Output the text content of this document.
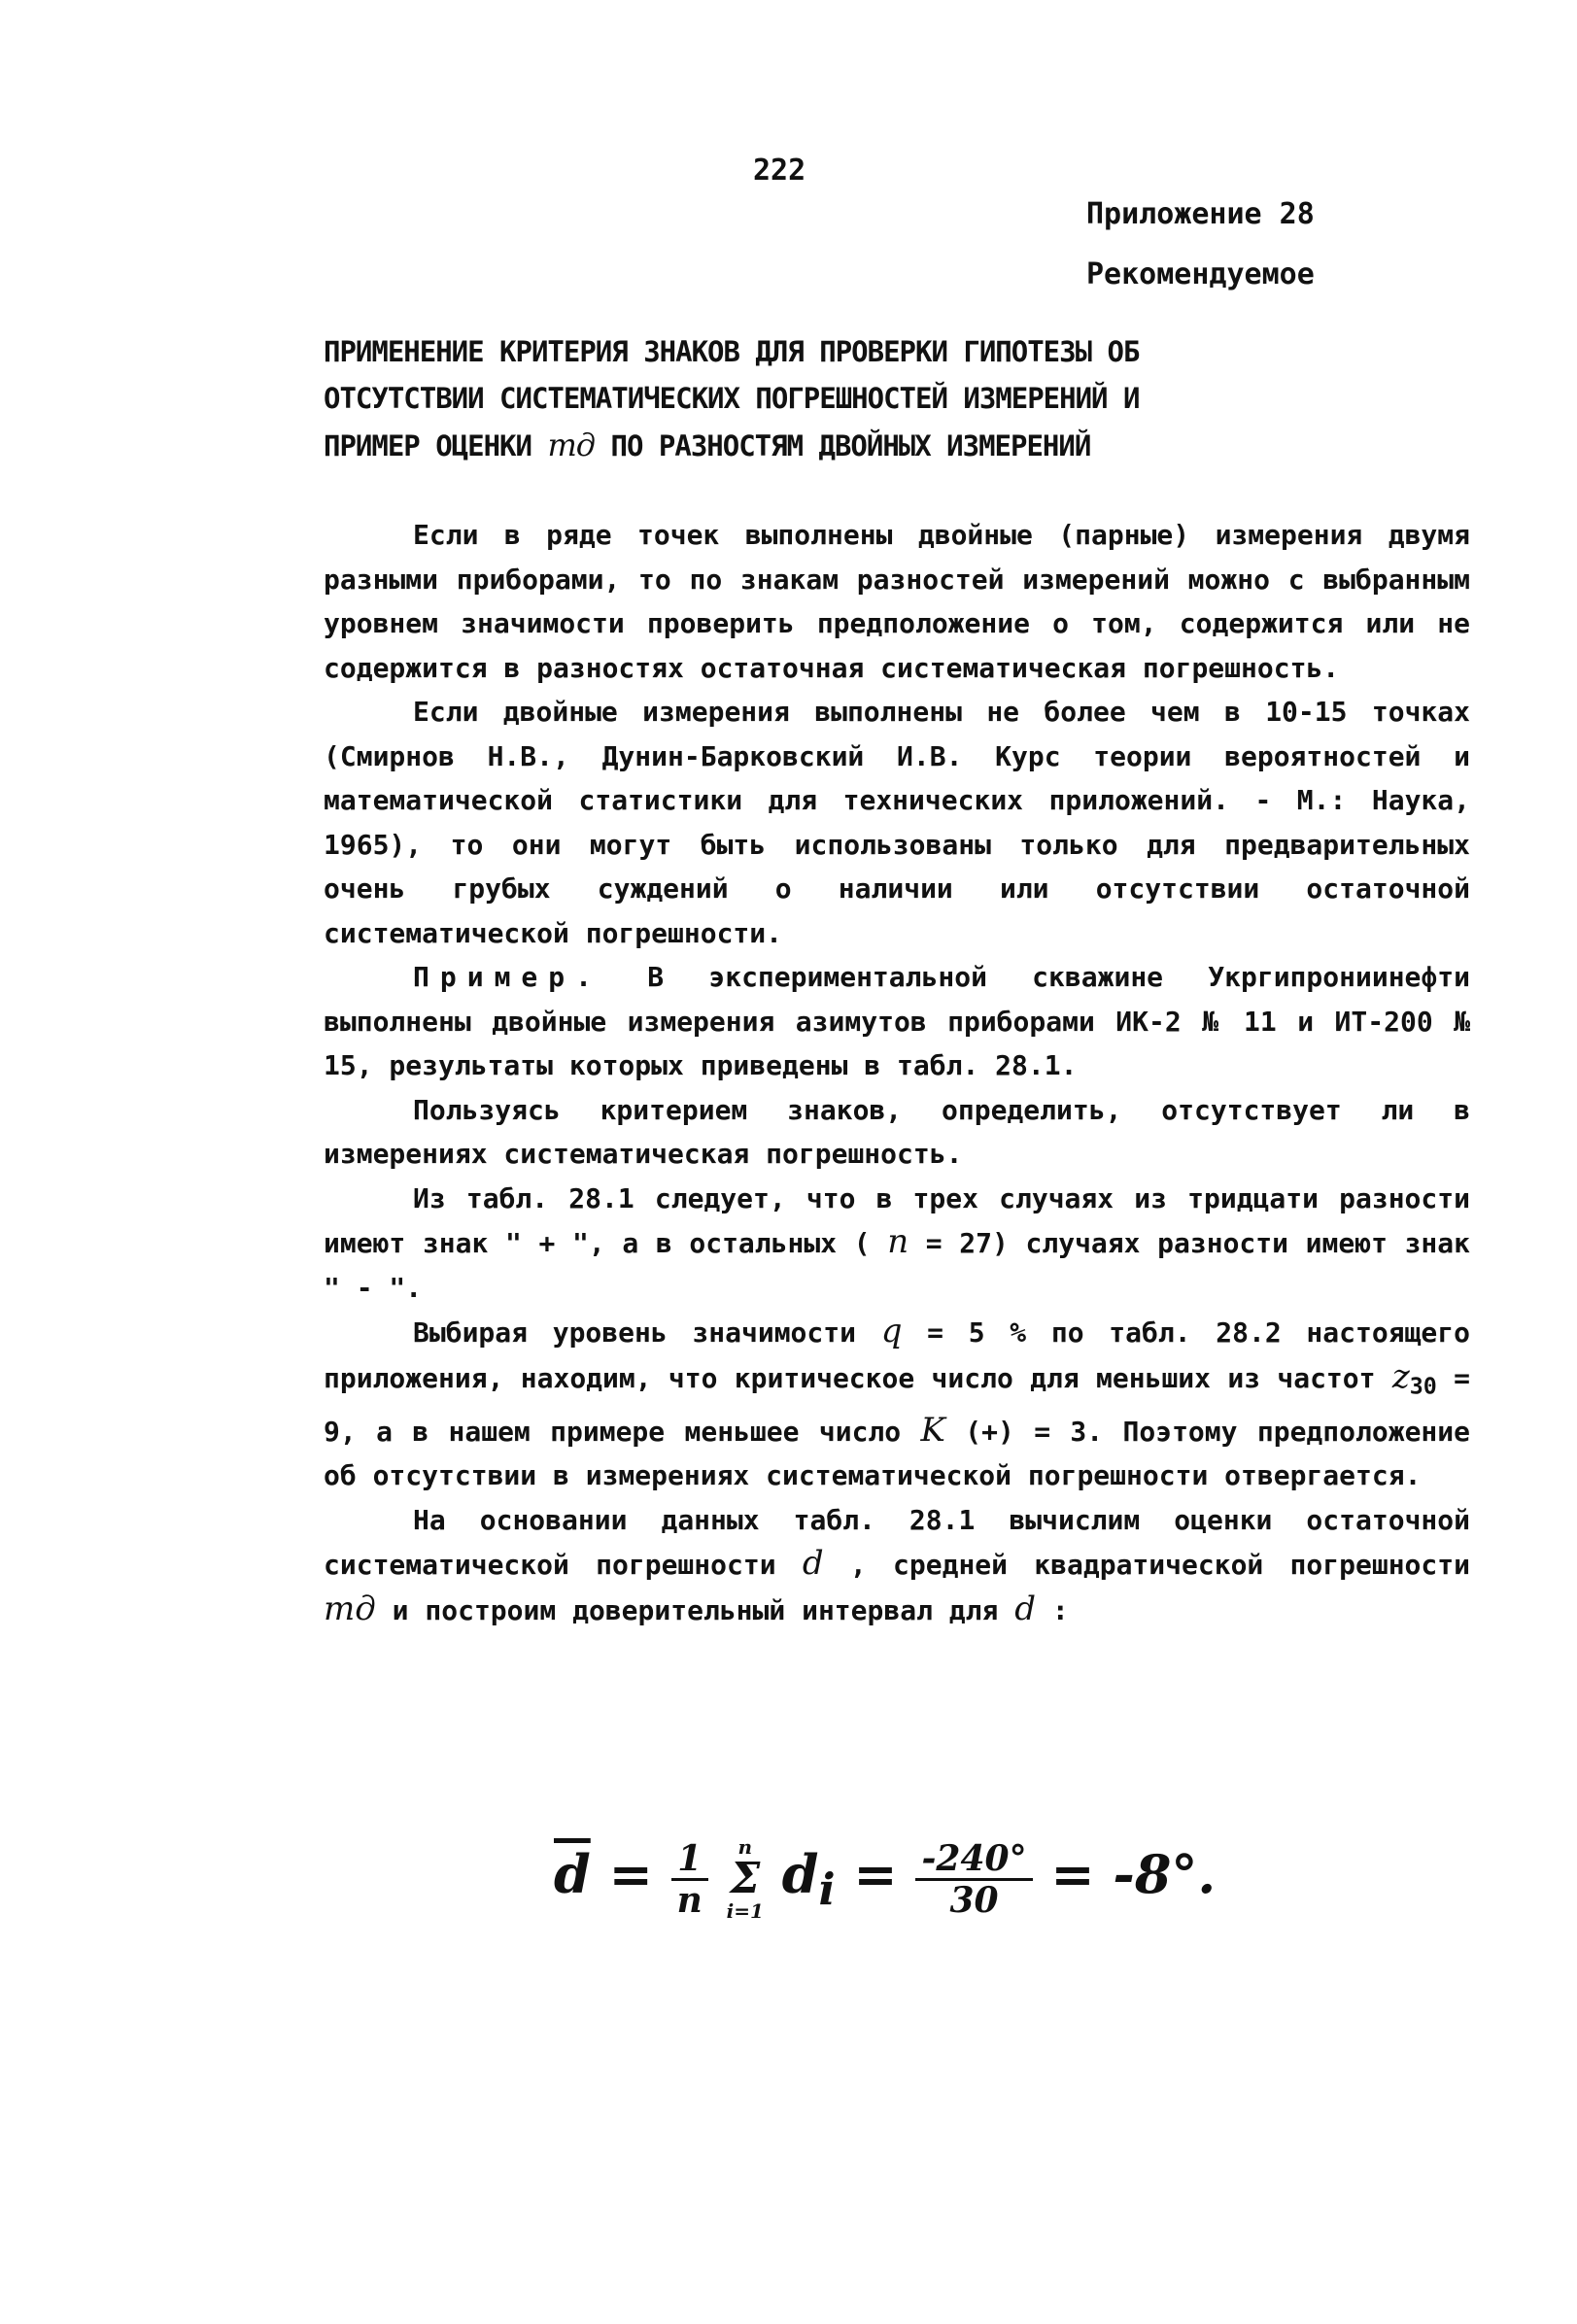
222
Приложение 28
Рекомендуемое
ПРИМЕНЕНИЕ КРИТЕРИЯ ЗНАКОВ ДЛЯ ПРОВЕРКИ ГИПОТЕЗЫ ОБ
ОТСУТСТВИИ СИСТЕМАТИЧЕСКИХ ПОГРЕШНОСТЕЙ ИЗМЕРЕНИЙ И
ПРИМЕР ОЦЕНКИ mд ПО РАЗНОСТЯМ ДВОЙНЫХ ИЗМЕРЕНИЙ

Если в ряде точек выполнены двойные (парные) измерения двумя разными приборами, то по знакам разностей измерений можно с выбранным уровнем значимости проверить предположение о том, содержится или не содержится в разностях остаточная систематическая погрешность.

Если двойные измерения выполнены не более чем в 10-15 точках (Смирнов Н.В., Дунин-Барковский И.В. Курс теории вероятностей и математической статистики для технических приложений. - М.: Наука, 1965), то они могут быть использованы только для предварительных очень грубых суждений о наличии или отсутствии остаточной систематической погрешности.

Пример. В экспериментальной скважине Укргипрониинефти выполнены двойные измерения азимутов приборами ИК-2 № 11 и ИТ-200 № 15, результаты которых приведены в табл. 28.1.

Пользуясь критерием знаков, определить, отсутствует ли в измерениях систематическая погрешность.

Из табл. 28.1 следует, что в трех случаях из тридцати разности имеют знак " + ", а в остальных ( n = 27) случаях разности имеют знак " - ".

Выбирая уровень значимости q = 5 % по табл. 28.2 настоящего приложения, находим, что критическое число для меньших из частот $z_{30} = 9$, а в нашем примере меньшее число K (+) = 3. Поэтому предположение об отсутствии в измерениях систематической погрешности отвергается.

На основании данных табл. 28.1 вычислим оценки остаточной систематической погрешности d , средней квадратической погрешности mд и построим доверительный интервал для d :

$\overline{d} = \frac{1}{n}$ n
Σ
i=1 $d_i = \frac{-240^\circ}{30} = -8^\circ$.
